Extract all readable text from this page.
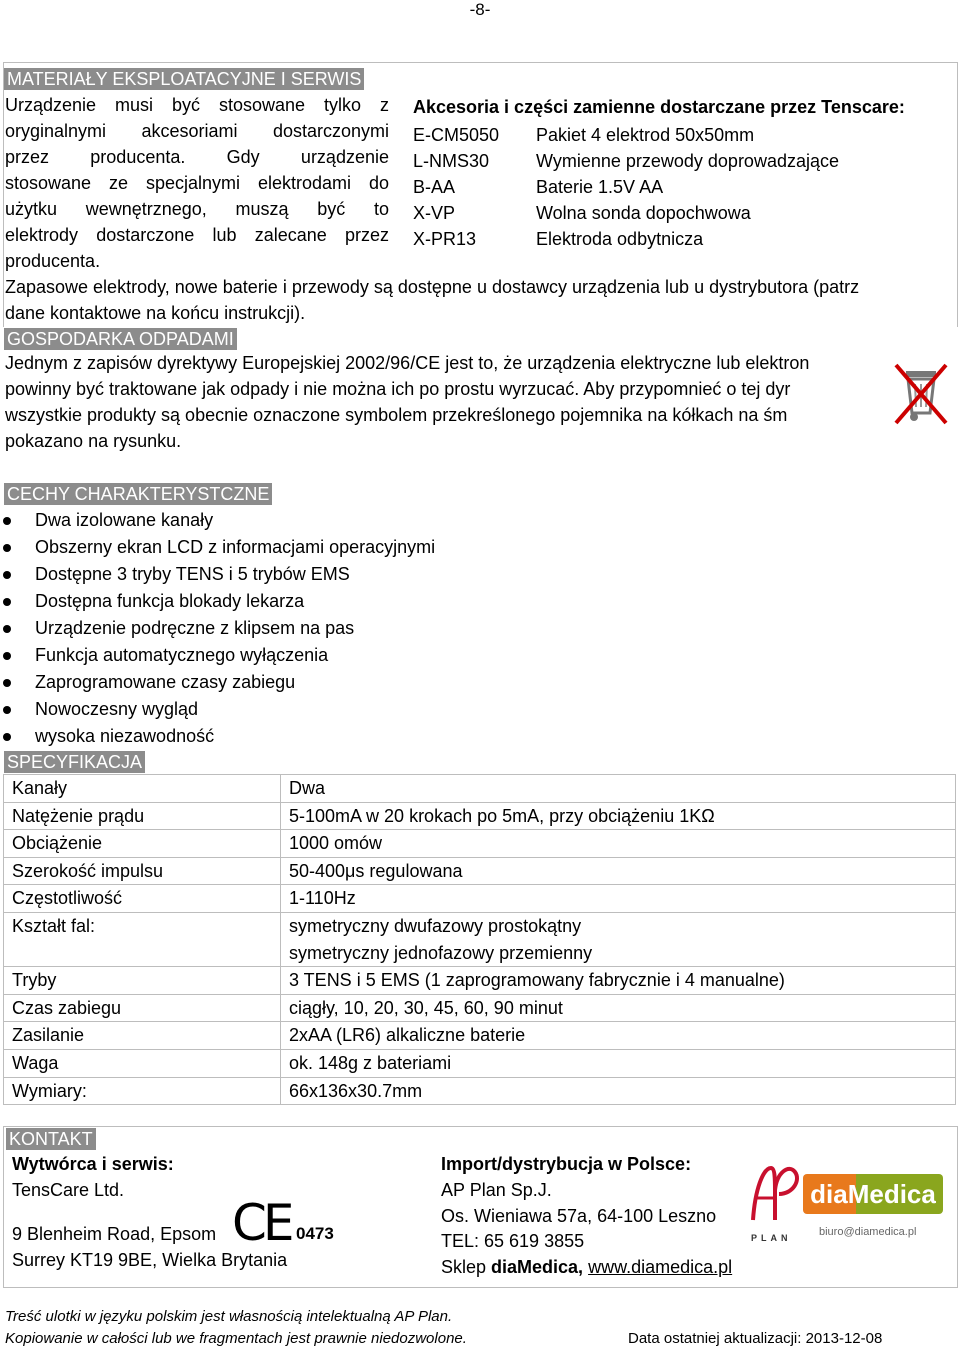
-8-
MATERIAŁY EKSPLOATACYJNE I SERWIS
Urządzenie musi być stosowane tylko z
oryginalnymi akcesoriami dostarczonymi
przez producenta. Gdy urządzenie
stosowane ze specjalnymi elektrodami do
użytku wewnętrznego, muszą być to
elektrody dostarczone lub zalecane przez
producenta.
Akcesoria i części zamienne dostarczane przez Tenscare:
E-CM5050 Pakiet 4 elektrod 50x50mm
L-NMS30	Wymienne przewody doprowadzające
B-AA	Baterie 1.5V AA
X-VP	Wolna sonda dopochwowa
X-PR13	Elektroda odbytnicza
Zapasowe elektrody, nowe baterie i przewody są dostępne u dostawcy urządzenia lub u dystrybutora (patrz
dane kontaktowe na końcu instrukcji).
GOSPODARKA ODPADAMI
Jednym z zapisów dyrektywy Europejskiej 2002/96/CE jest to, że urządzenia elektryczne lub elektron
powinny być traktowane jak odpady i nie można ich po prostu wyrzucać. Aby przypomnieć o tej dyr
wszystkie produkty są obecnie oznaczone symbolem przekreślonego pojemnika na kółkach na śm
pokazano na rysunku.
CECHY CHARAKTERYSTCZNE
Dwa izolowane kanały
Obszerny ekran LCD z informacjami operacyjnymi
Dostępne 3 tryby TENS i 5 trybów EMS
Dostępna funkcja blokady lekarza
Urządzenie podręczne z klipsem na pas
Funkcja automatycznego wyłączenia
Zaprogramowane czasy zabiegu
Nowoczesny wygląd
wysoka niezawodność
SPECYFIKACJA
Kanały	Dwa
Natężenie prądu	5-100mA w 20 krokach po 5mA, przy obciążeniu 1KΩ
Obciążenie	1000 omów
Szerokość impulsu	50-400μs regulowana
Częstotliwość	1-110Hz
Kształt fal:	symetryczny dwufazowy prostokątny
symetryczny jednofazowy przemienny

Tryby	3 TENS i 5 EMS (1 zaprogramowany fabrycznie i 4 manualne)
Czas zabiegu	ciągły, 10, 20, 30, 45, 60, 90 minut
Zasilanie	2xAA (LR6) alkaliczne baterie
Waga	ok. 148g z bateriami
Wymiary:	66x136x30.7mm
KONTAKT
Wytwórca i serwis:
TensCare Ltd.
9 Blenheim Road, Epsom
Surrey KT19 9BE, Wielka Brytania
CE 0473
Import/dystrybucja w Polsce:
AP Plan Sp.J.
Os. Wieniawa 57a, 64-100 Leszno
TEL: 65 619 3855
Sklep diaMedica, www.diamedica.pl
PLAN
diaMedica
biuro@diamedica.pl
Treść ulotki w języku polskim jest własnością intelektualną AP Plan.
Kopiowanie w całości lub we fragmentach jest prawnie niedozwolone.	Data ostatniej aktualizacji: 2013-12-08
